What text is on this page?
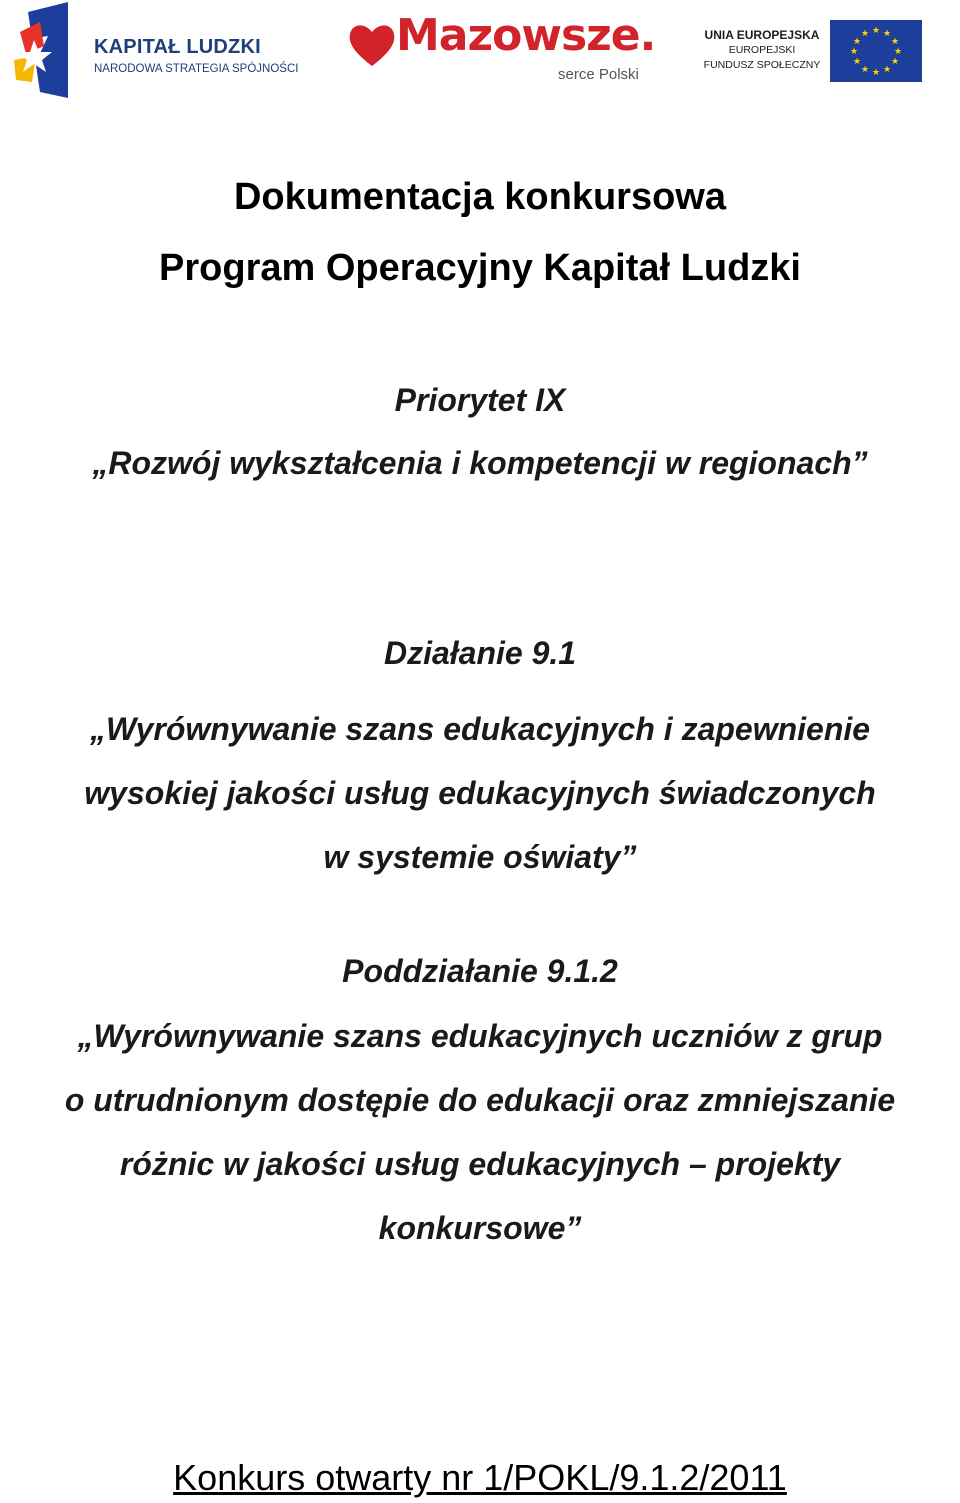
KAPITAŁ LUDZKI
NARODOWA STRATEGIA SPÓJNOŚCI
Mazowsze.
serce Polski
UNIA EUROPEJSKA
EUROPEJSKI
FUNDUSZ SPOŁECZNY
★ ★
★
★
★
★
★
★
★
★
★
★
Dokumentacja konkursowa
Program Operacyjny Kapitał Ludzki
Priorytet IX
„Rozwój wykształcenia i kompetencji w regionach”
Działanie 9.1
„Wyrównywanie szans edukacyjnych i zapewnienie
wysokiej jakości usług edukacyjnych świadczonych
w systemie oświaty”
Poddziałanie 9.1.2
„Wyrównywanie szans edukacyjnych uczniów z grup
o utrudnionym dostępie do edukacji oraz zmniejszanie
różnic w jakości usług edukacyjnych – projekty
konkursowe”
Konkurs otwarty nr 1/POKL/9.1.2/2011
